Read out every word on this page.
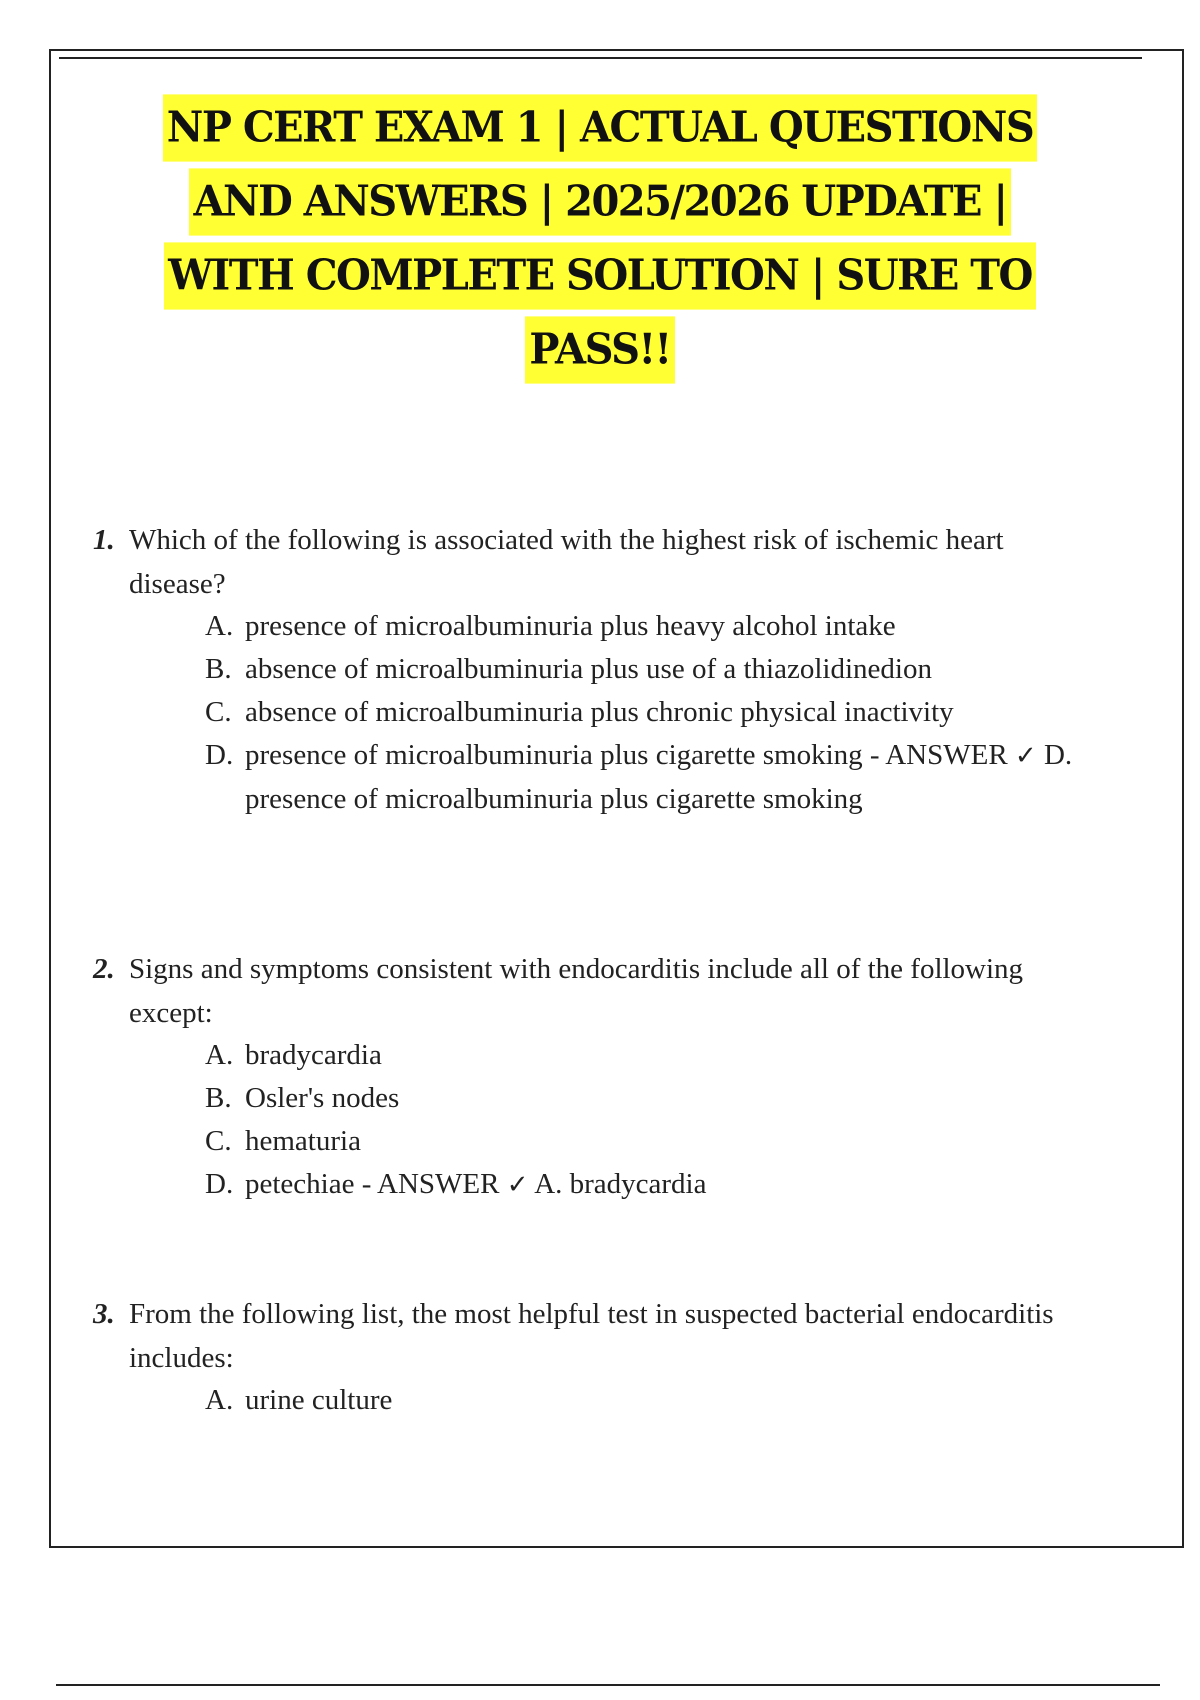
NP CERT EXAM 1 | ACTUAL QUESTIONS
AND ANSWERS | 2025/2026 UPDATE |
WITH COMPLETE SOLUTION | SURE TO
PASS!!
1. Which of the following is associated with the highest risk of ischemic heart disease?
A. presence of microalbuminuria plus heavy alcohol intake
B. absence of microalbuminuria plus use of a thiazolidinedion
C. absence of microalbuminuria plus chronic physical inactivity
D. presence of microalbuminuria plus cigarette smoking - ANSWER ✓ D. presence of microalbuminuria plus cigarette smoking
2. Signs and symptoms consistent with endocarditis include all of the following except:
A. bradycardia
B. Osler's nodes
C. hematuria
D. petechiae - ANSWER ✓ A. bradycardia
3. From the following list, the most helpful test in suspected bacterial endocarditis includes:
A. urine culture
